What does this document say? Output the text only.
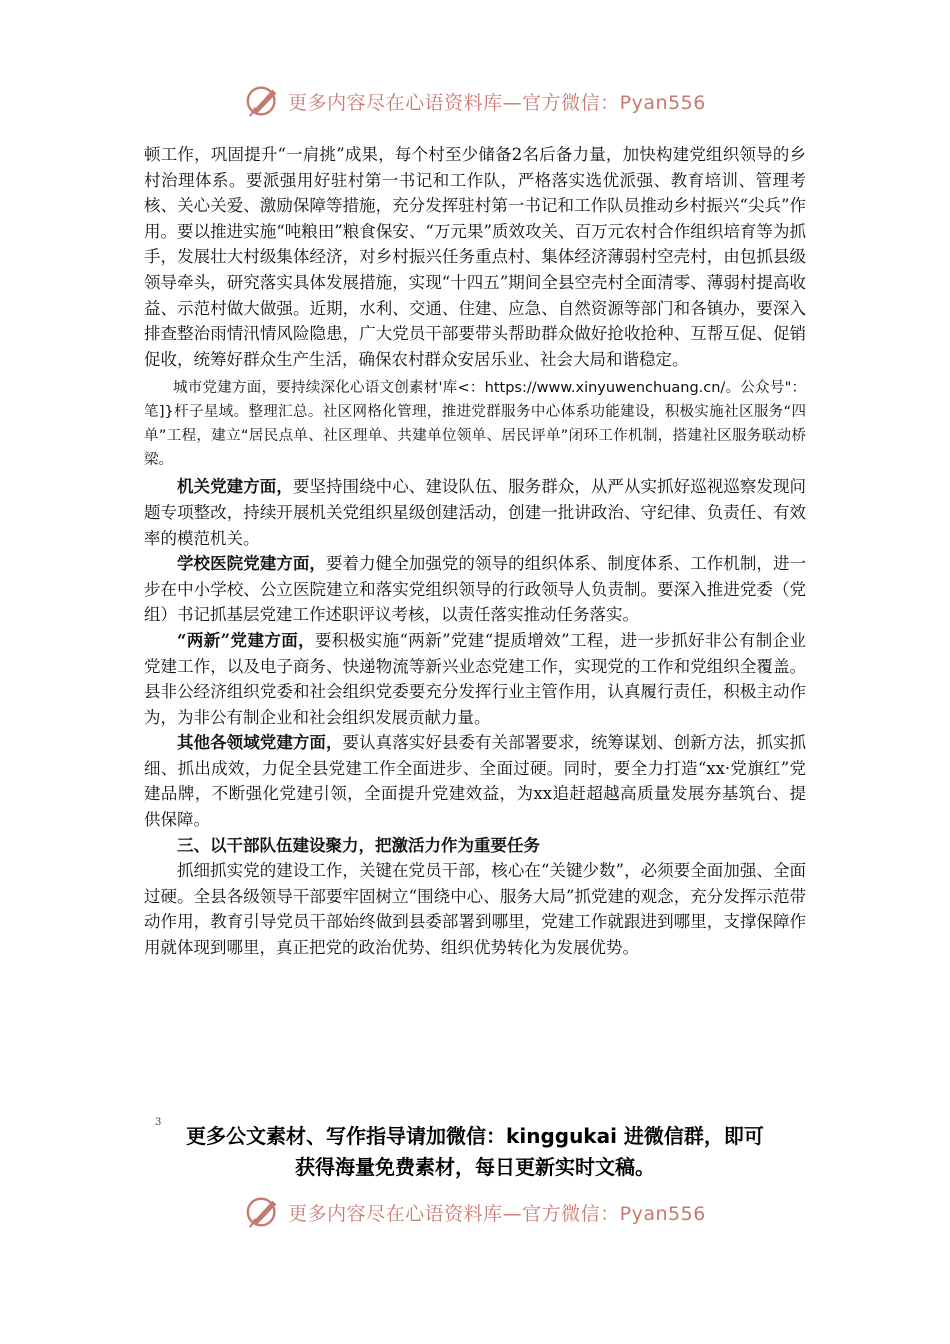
更多内容尽在心语资料库—官方微信：Pyan556

顿工作，巩固提升“一肩挑”成果，每个村至少储备2名后备力量，加快构建党组织领导的乡村治理体系。要派强用好驻村第一书记和工作队，严格落实选优派强、教育培训、管理考核、关心关爱、激励保障等措施，充分发挥驻村第一书记和工作队员推动乡村振兴“尖兵”作用。要以推进实施“吨粮田”粮食保安、“万元果”质效攻关、百万元农村合作组织培育等为抓手，发展壮大村级集体经济，对乡村振兴任务重点村、集体经济薄弱村空壳村，由包抓县级领导牵头，研究落实具体发展措施，实现“十四五”期间全县空壳村全面清零、薄弱村提高收益、示范村做大做强。近期，水利、交通、住建、应急、自然资源等部门和各镇办，要深入排查整治雨情汛情风险隐患，广大党员干部要带头帮助群众做好抢收抢种、互帮互促、促销促收，统筹好群众生产生活，确保农村群众安居乐业、社会大局和谐稳定。

城市党建方面，要持续深化心语文创素材'库<：https://www.xinyuwenchuang.cn/。公众号"：笔]}杆子星域。整理汇总。社区网格化管理，推进党群服务中心体系功能建设，积极实施社区服务“四单”工程，建立“居民点单、社区理单、共建单位领单、居民评单”闭环工作机制，搭建社区服务联动桥梁。

机关党建方面，要坚持围绕中心、建设队伍、服务群众，从严从实抓好巡视巡察发现问题专项整改，持续开展机关党组织星级创建活动，创建一批讲政治、守纪律、负责任、有效率的模范机关。

学校医院党建方面，要着力健全加强党的领导的组织体系、制度体系、工作机制，进一步在中小学校、公立医院建立和落实党组织领导的行政领导人负责制。要深入推进党委（党组）书记抓基层党建工作述职评议考核，以责任落实推动任务落实。

“两新”党建方面，要积极实施“两新”党建“提质增效”工程，进一步抓好非公有制企业党建工作，以及电子商务、快递物流等新兴业态党建工作，实现党的工作和党组织全覆盖。县非公经济组织党委和社会组织党委要充分发挥行业主管作用，认真履行责任，积极主动作为，为非公有制企业和社会组织发展贡献力量。

其他各领域党建方面，要认真落实好县委有关部署要求，统筹谋划、创新方法，抓实抓细、抓出成效，力促全县党建工作全面进步、全面过硬。同时，要全力打造“xx·党旗红”党建品牌，不断强化党建引领，全面提升党建效益，为xx追赶超越高质量发展夯基筑台、提供保障。

三、以干部队伍建设聚力，把激活力作为重要任务

抓细抓实党的建设工作，关键在党员干部，核心在“关键少数”，必须要全面加强、全面过硬。全县各级领导干部要牢固树立“围绕中心、服务大局”抓党建的观念，充分发挥示范带动作用，教育引导党员干部始终做到县委部署到哪里，党建工作就跟进到哪里，支撑保障作用就体现到哪里，真正把党的政治优势、组织优势转化为发展优势。

3
更多公文素材、写作指导请加微信：kinggukai 进微信群，即可
获得海量免费素材，每日更新实时文稿。
更多内容尽在心语资料库—官方微信：Pyan556
